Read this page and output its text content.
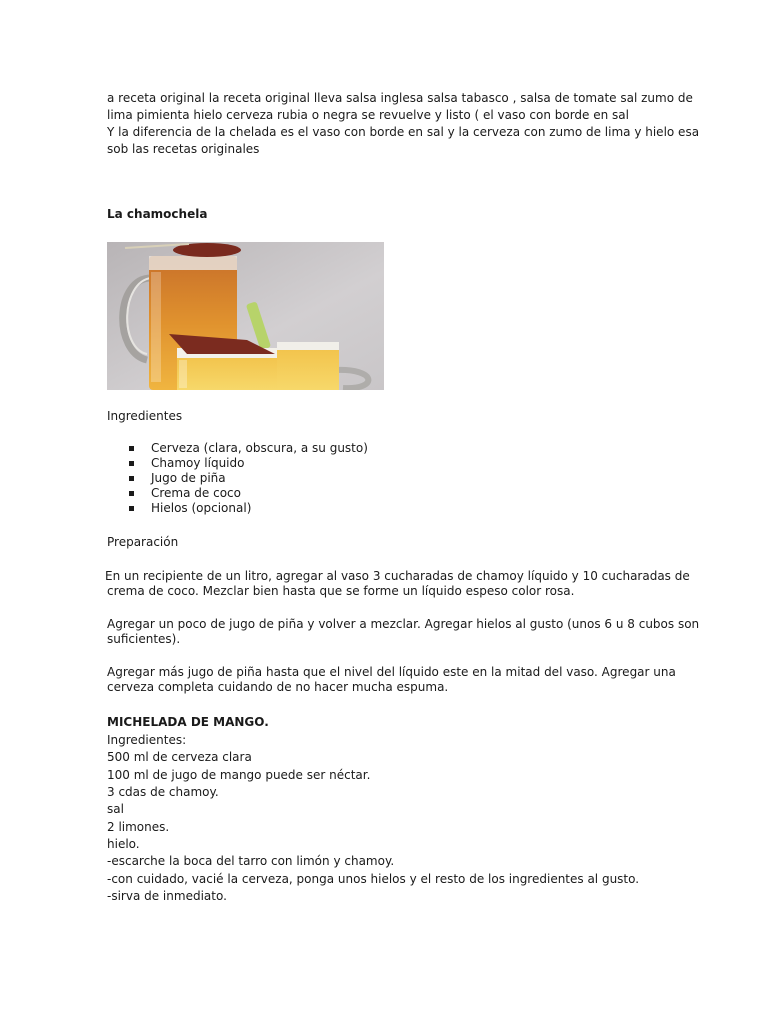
a receta original la receta original lleva salsa inglesa salsa tabasco , salsa de tomate sal zumo de
lima pimienta hielo cerveza rubia o negra se revuelve y listo ( el vaso con borde en sal
Y la diferencia de la chelada es el vaso con borde en sal y la cerveza con zumo de lima y hielo esa
sob las recetas originales
La chamochela
Ingredientes
Cerveza (clara, obscura, a su gusto)
Chamoy líquido
Jugo de piña
Crema de coco
Hielos (opcional)
Preparación
En un recipiente de un litro, agregar al vaso 3 cucharadas de chamoy líquido y 10 cucharadas de
crema de coco. Mezclar bien hasta que se forme un líquido espeso color rosa.
Agregar un poco de jugo de piña y volver a mezclar. Agregar hielos al gusto (unos 6 u 8 cubos son
suficientes).
Agregar más jugo de piña hasta que el nivel del líquido este en la mitad del vaso. Agregar una
cerveza completa cuidando de no hacer mucha espuma.
MICHELADA DE MANGO.
Ingredientes:
500 ml de cerveza clara
100 ml de jugo de mango puede ser néctar.
3 cdas de chamoy.
sal
2 limones.
hielo.
-escarche la boca del tarro con limón y chamoy.
-con cuidado, vacié la cerveza, ponga unos hielos y el resto de los ingredientes al gusto.
-sirva de inmediato.
